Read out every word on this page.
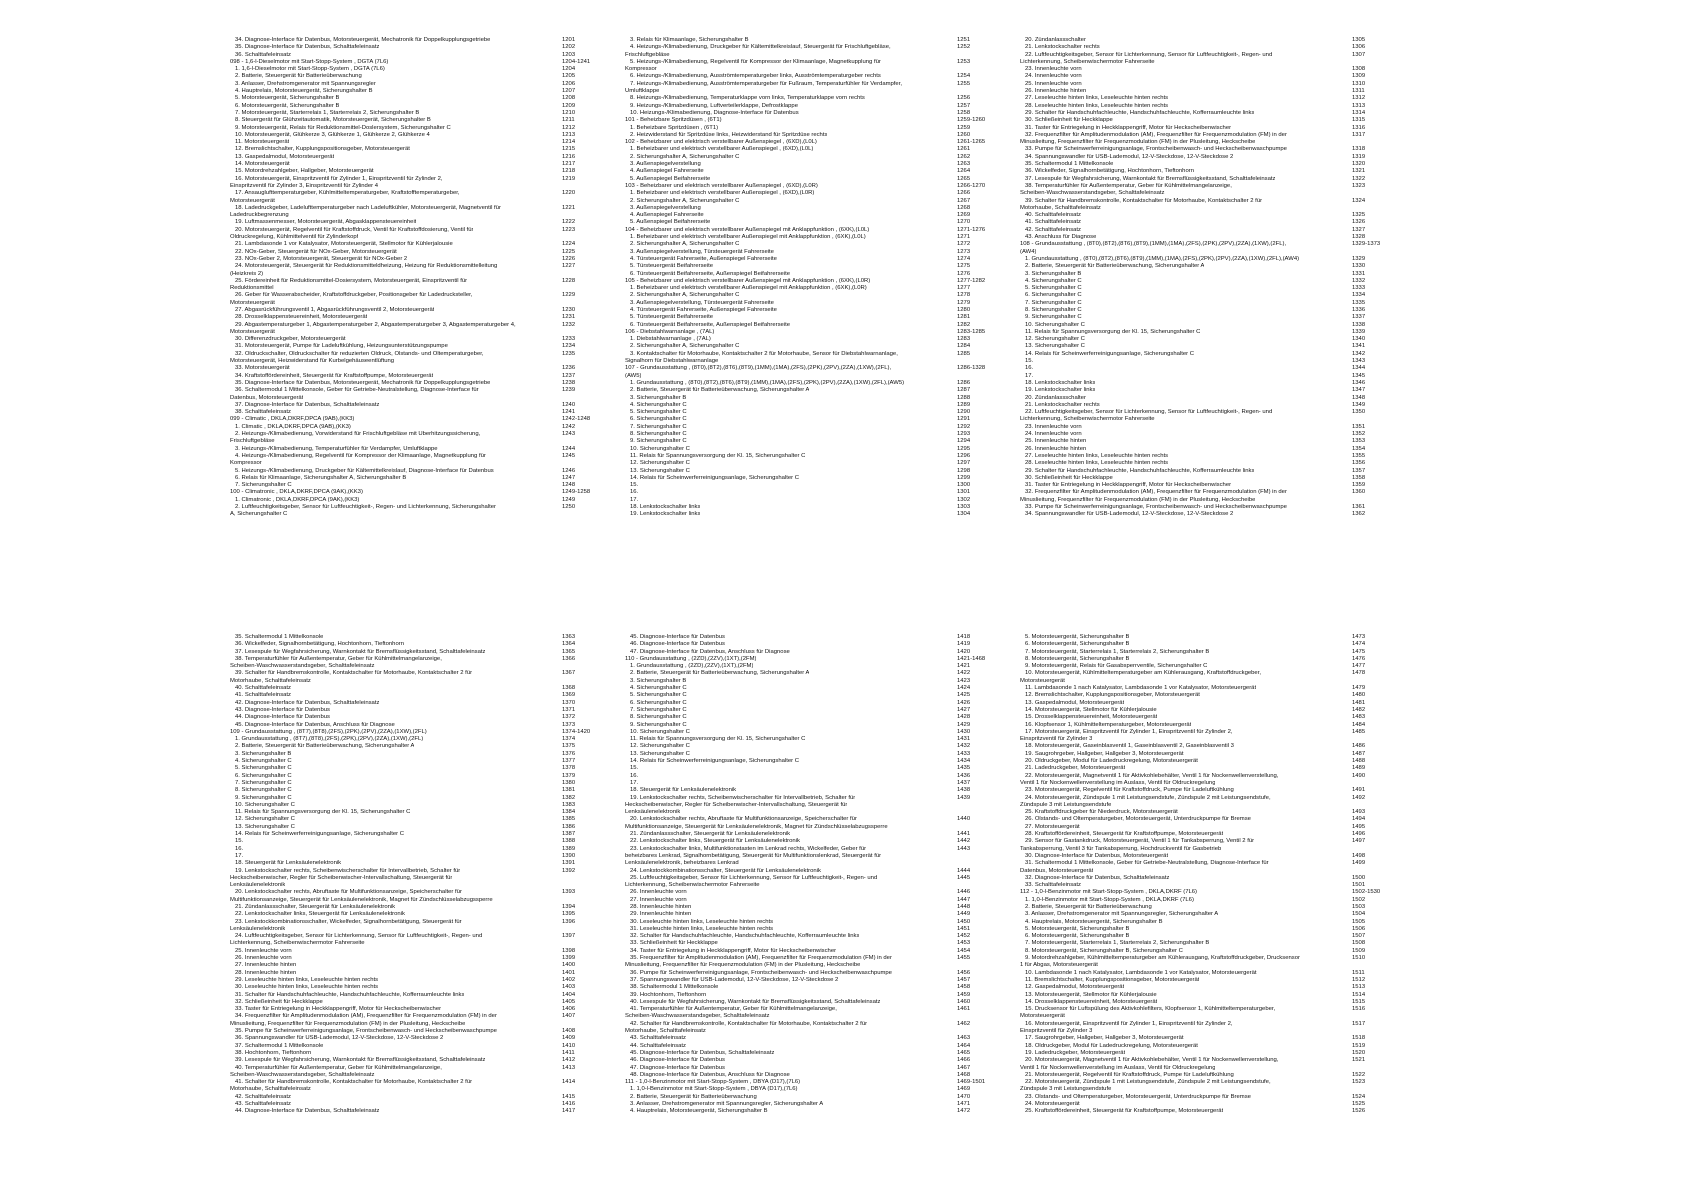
34. Diagnose-Interface für Datenbus, Motorsteuergerät, Mechatronik für Doppelkupplungsgetriebe	1201
35. Diagnose-Interface für Datenbus, Schalttafeleinsatz	1202
36. Schalttafeleinsatz	1203
098 - 1,6-l-Dieselmotor mit Start-Stopp-System , DGTA (7L6)	1204-1241
1. 1,6-l-Dieselmotor mit Start-Stopp-System , DGTA (7L6)	1204
2. Batterie, Steuergerät für Batterieüberwachung	1205
3. Anlasser, Drehstromgenerator mit Spannungsregler	1206
4. Hauptrelais, Motorsteuergerät, Sicherungshalter B	1207
5. Motorsteuergerät, Sicherungshalter B	1208
6. Motorsteuergerät, Sicherungshalter B	1209
7. Motorsteuergerät, Starterrelais 1, Starterrelais 2, Sicherungshalter B	1210
8. Steuergerät für Glühzeitautomatik, Motorsteuergerät, Sicherungshalter B	1211
9. Motorsteuergerät, Relais für Reduktionsmittel-Doslersystem, Sicherungshalter C	1212
10. Motorsteuergerät, Glühkerze 3, Glühkerze 1, Glühkerze 2, Glühkerze 4	1213
11. Motorsteuergerät	1214
12. Bremslichtschalter, Kupplungspositionsgeber, Motorsteuergerät	1215
13. Gaspedalmodul, Motorsteuergerät	1216
14. Motorsteuergerät	1217
15. Motordrehzahlgeber, Hallgeber, Motorsteuergerät	1218
16. Motorsteuergerät, Einspritzventil für Zylinder 1, Einspritzventil für Zylinder 2,	1219
Einspritzventil für Zylinder 3, Einspritzventil für Zylinder 4
17. Ansauglufttemperaturgeber, Kühlmitteltemperaturgeber, Kraftstofftemperaturgeber,	1220
Motorsteuergerät
18. Ladedruckgeber, Ladelufttemperaturgeber nach Ladeluftkühler, Motorsteuergerät, Magnetventil für	1221
Ladedruckbegrenzung
19. Luftmassenmesser, Motorsteuergerät, Abgasklappensteuereinheit	1222
20. Motorsteuergerät, Regelventil für Kraftstoffdruck, Ventil für Kraftstoffdosierung, Ventil für	1223
Öldruckregelung, Kühlmittelventil für Zylinderkopf
21. Lambdasonde 1 vor Katalysator, Motorsteuergerät, Stellmotor für Kühlerjalousie	1224
22. NOx-Geber, Steuergerät für NOx-Geber, Motorsteuergerät	1225
23. NOx-Geber 2, Motorsteuergerät, Steuergerät für NOx-Geber 2	1226
24. Motorsteuergerät, Steuergerät für Reduktionsmitteldheizung, Heizung für Reduktionsmittelleitung	1227
(Heizkreis 2)
25. Fördereinheit für Reduktionsmittel-Dosiersystem, Motorsteuergerät, Einspritzventil für	1228
Reduktionsmittel
26. Geber für Wasserabscheider, Kraftstoffdruckgeber, Positionsgeber für Ladedrucksteller,	1229
Motorsteuergerät
27. Abgasrückführungsventil 1, Abgasrückführungsventil 2, Motorsteuergerät	1230
28. Drosselklappensteuereinheit, Motorsteuergerät	1231
29. Abgastemperaturgeber 1, Abgastemperaturgeber 2, Abgastemperaturgeber 3, Abgastemperaturgeber 4,	1232
Motorsteuergerät
30. Differenzdruckgeber, Motorsteuergerät	1233
31. Motorsteuergerät, Pumpe für Ladeluftkühlung, Heizungsunterstützungspumpe	1234
32. Öldruckschalter, Öldruckschalter für reduzierten Öldruck, Ölstands- und Öltemperaturgeber,	1235
Motorsteuergerät, Heizwiderstand für Kurbelgehäuseentlüftung
33. Motorsteuergerät	1236
34. Kraftstoffördereinheit, Steuergerät für Kraftstoffpumpe, Motorsteuergerät	1237
35. Diagnose-Interface für Datenbus, Motorsteuergerät, Mechatronik für Doppelkupplungsgetriebe	1238
36. Schaltermodul 1 Mittelkonsole, Geber für Getriebe-Neutralstellung, Diagnose-Interface für	1239
Datenbus, Motorsteuergerät
37. Diagnose-Interface für Datenbus, Schalttafeleinsatz	1240
38. Schalttafeleinsatz	1241
099 - Climatic , DKLA,DKRF,DPCA (9AB),(KK3)	1242-1248
1. Climatic , DKLA,DKRF,DPCA (9AB),(KK3)	1242
2. Heizungs-/Klimabedienung, Vorwiderstand für Frischluftgebläse mit Überhitzungssicherung,	1243
Frischluftgebläse
3. Heizungs-/Klimabedienung, Temperaturfühler für Verdampfer, Umluftklappe	1244
4. Heizungs-/Klimabedienung, Regelventil für Kompressor der Klimaanlage, Magnetkupplung für	1245
Kompressor
5. Heizungs-/Klimabedienung, Druckgeber für Kältemittelkreislauf, Diagnose-Interface für Datenbus	1246
6. Relais für Klimaanlage, Sicherungshalter A, Sicherungshalter B	1247
7. Sicherungshalter C	1248
100 - Climatronic , DKLA,DKRF,DPCA (9AK),(KK3)	1249-1258
1. Climatronic , DKLA,DKRF,DPCA (9AK),(KK3)	1249
2. Luftfeuchtigkeitsgeber, Sensor für Luftfeuchtigkeit-, Regen- und Lichterkennung, Sicherungshalter	1250
A, Sicherungshalter C
3. Relais für Klimaanlage, Sicherungshalter B	1251
4. Heizungs-/Klimabedienung, Druckgeber für Kältemittelkreislauf, Steuergerät für Frischluftgebläse,	1252
Frischluftgebläse
5. Heizungs-/Klimabedienung, Regelventil für Kompressor der Klimaanlage, Magnetkupplung für	1253
Kompressor
6. Heizungs-/Klimabedienung, Ausströmtemperaturgeber links, Ausströmtemperaturgeber rechts	1254
7. Heizungs-/Klimabedienung, Ausströmtemperaturgeber für Fußraum, Temperaturfühler für Verdampfer,	1255
Umluftklappe
8. Heizungs-/Klimabedienung, Temperaturklappe vorn links, Temperaturklappe vorn rechts	1256
9. Heizungs-/Klimabedienung, Luftverteilerklappe, Defrostklappe	1257
10. Heizungs-/Klimabedienung, Diagnose-Interface für Datenbus	1258
101 - Beheizbare Spritzdüsen , (6T1)	1259-1260
1. Beheizbare Spritzdüsen , (6T1)	1259
2. Heizwiderstand für Spritzdüse links, Heizwiderstand für Spritzdüse rechts	1260
102 - Beheizbarer und elektrisch verstellbarer Außenspiegel , (6XD),(L0L)	1261-1265
1. Beheizbarer und elektrisch verstellbarer Außenspiegel , (6XD),(L0L)	1261
2. Sicherungshalter A, Sicherungshalter C	1262
3. Außenspiegelverstellung	1263
4. Außenspiegel Fahrerseite	1264
5. Außenspiegel Beifahrerseite	1265
103 - Beheizbarer und elektrisch verstellbarer Außenspiegel , (6XD),(L0R)	1266-1270
1. Beheizbarer und elektrisch verstellbarer Außenspiegel , (6XD),(L0R)	1266
2. Sicherungshalter A, Sicherungshalter C	1267
3. Außenspiegelverstellung	1268
4. Außenspiegel Fahrerseite	1269
5. Außenspiegel Beifahrerseite	1270
104 - Beheizbarer und elektrisch verstellbarer Außenspiegel mit Anklappfunktion , (6XK),(L0L)	1271-1276
1. Beheizbarer und elektrisch verstellbarer Außenspiegel mit Anklappfunktion , (6XK),(L0L)	1271
2. Sicherungshalter A, Sicherungshalter C	1272
3. Außenspiegelverstellung, Türsteuergerät Fahrerseite	1273
4. Türsteuergerät Fahrerseite, Außenspiegel Fahrerseite	1274
5. Türsteuergerät Beifahrerseite	1275
6. Türsteuergerät Beifahrerseite, Außenspiegel Beifahrerseite	1276
105 - Beheizbarer und elektrisch verstellbarer Außenspiegel mit Anklappfunktion , (6XK),(L0R)	1277-1282
1. Beheizbarer und elektrisch verstellbarer Außenspiegel mit Anklappfunktion , (6XK),(L0R)	1277
2. Sicherungshalter A, Sicherungshalter C	1278
3. Außenspiegelverstellung, Türsteuergerät Fahrerseite	1279
4. Türsteuergerät Fahrerseite, Außenspiegel Fahrerseite	1280
5. Türsteuergerät Beifahrerseite	1281
6. Türsteuergerät Beifahrerseite, Außenspiegel Beifahrerseite	1282
106 - Diebstahlwarnanlage , (7AL)	1283-1285
1. Diebstahlwarnanlage , (7AL)	1283
2. Sicherungshalter A, Sicherungshalter C	1284
3. Kontaktschalter für Motorhaube, Kontaktschalter 2 für Motorhaube, Sensor für Diebstahlwarnanlage,	1285
Signalhorn für Diebstahlwarnanlage
107 - Grundausstattung , (8T0),(8T2),(8T6),(8T9),(1MM),(1MA),(2FS),(2PK),(2PV),(2ZA),(1XW),(2FL),	1286-1328
(AW5)
1. Grundausstattung , (8T0),(8T2),(8T6),(8T9),(1MM),(1MA),(2FS),(2PK),(2PV),(2ZA),(1XW),(2FL),(AW5)	1286
2. Batterie, Steuergerät für Batterieüberwachung, Sicherungshalter A	1287
3. Sicherungshalter B	1288
4. Sicherungshalter C	1289
5. Sicherungshalter C	1290
6. Sicherungshalter C	1291
7. Sicherungshalter C	1292
8. Sicherungshalter C	1293
9. Sicherungshalter C	1294
10. Sicherungshalter C	1295
11. Relais für Spannungsversorgung der Kl. 15, Sicherungshalter C	1296
12. Sicherungshalter C	1297
13. Sicherungshalter C	1298
14. Relais für Scheinwerferreinigungsanlage, Sicherungshalter C	1299
15.	1300
16.	1301
17.	1302
18. Lenkstockschalter links	1303
19. Lenkstockschalter links	1304
20. Zündanlassschalter	1305
21. Lenkstockschalter rechts	1306
22. Luftfeuchtigkeitsgeber, Sensor für Lichterkennung, Sensor für Luftfeuchtigkeit-, Regen- und	1307
Lichterkennung, Scheibenwischermotor Fahrerseite
23. Innenleuchte vorn	1308
24. Innenleuchte vorn	1309
25. Innenleuchte vorn	1310
26. Innenleuchte hinten	1311
27. Leseleuchte hinten links, Leseleuchte hinten rechts	1312
28. Leseleuchte hinten links, Leseleuchte hinten rechts	1313
29. Schalter für Handschuhfachleuchte, Handschuhfachleuchte, Kofferraumleuchte links	1314
30. Schließeinheit für Heckklappe	1315
31. Taster für Entriegelung in Heckklappengriff, Motor für Heckscheibenwischer	1316
32. Frequenzfilter für Amplitudenmodulation (AM), Frequenzfilter für Frequenzmodulation (FM) in der	1317
Minuslieitung, Frequenzfilter für Frequenzmodulation (FM) in der Plusleitung, Heckscheibe
33. Pumpe für Scheinwerferreinigungsanlage, Frontscheibenwasch- und Heckscheibenwaschpumpe	1318
34. Spannungswandler für USB-Lademodul, 12-V-Steckdose, 12-V-Steckdose 2	1319
35. Schaltermodul 1 Mittelkonsole	1320
36. Wickelfeder, Signalhornbetätigung, Hochtonhorn, Tieftonhorn	1321
37. Lesespule für Wegfahrsicherung, Warnkontakt für Bremsflüssigkeitsstand, Schalttafeleinsatz	1322
38. Temperaturfühler für Außentemperatur, Geber für Kühlmittelmangelanzeige,	1323
Scheiben-Waschwasserstandsgeber, Schalttafeleinsatz
39. Schalter für Handbremskontrolle, Kontaktschalter für Motorhaube, Kontaktschalter 2 für	1324
Motorhaube, Schalttafeleinsatz
40. Schalttafeleinsatz	1325
41. Schalttafeleinsatz	1326
42. Schalttafeleinsatz	1327
43. Anschluss für Diagnose	1328
108 - Grundausstattung , (8T0),(8T2),(8T6),(8T9),(1MM),(1MA),(2FS),(2PK),(2PV),(2ZA),(1XW),(2FL),	1329-1373
(AW4)
1. Grundausstattung , (8T0),(8T2),(8T6),(8T9),(1MM),(1MA),(2FS),(2PK),(2PV),(2ZA),(1XW),(2FL),(AW4)	1329
2. Batterie, Steuergerät für Batterieüberwachung, Sicherungshalter A	1330
3. Sicherungshalter B	1331
4. Sicherungshalter C	1332
5. Sicherungshalter C	1333
6. Sicherungshalter C	1334
7. Sicherungshalter C	1335
8. Sicherungshalter C	1336
9. Sicherungshalter C	1337
10. Sicherungshalter C	1338
11. Relais für Spannungsversorgung der Kl. 15, Sicherungshalter C	1339
12. Sicherungshalter C	1340
13. Sicherungshalter C	1341
14. Relais für Scheinwerferreinigungsanlage, Sicherungshalter C	1342
15.	1343
16.	1344
17.	1345
18. Lenkstockschalter links	1346
19. Lenkstockschalter links	1347
20. Zündanlassschalter	1348
21. Lenkstockschalter rechts	1349
22. Luftfeuchtigkeitsgeber, Sensor für Lichterkennung, Sensor für Luftfeuchtigkeit-, Regen- und	1350
Lichterkennung, Scheibenwischermotor Fahrerseite
23. Innenleuchte vorn	1351
24. Innenleuchte vorn	1352
25. Innenleuchte hinten	1353
26. Innenleuchte hinten	1354
27. Leseleuchte hinten links, Leseleuchte hinten rechts	1355
28. Leseleuchte hinten links, Leseleuchte hinten rechts	1356
29. Schalter für Handschuhfachleuchte, Handschuhfachleuchte, Kofferraumleuchte links	1357
30. Schließeinheit für Heckklappe	1358
31. Taster für Entriegelung in Heckklappengriff, Motor für Heckscheibenwischer	1359
32. Frequenzfilter für Amplitudenmodulation (AM), Frequenzfilter für Frequenzmodulation (FM) in der	1360
Minuslieitung, Frequenzfilter für Frequenzmodulation (FM) in der Plusleitung, Heckscheibe
33. Pumpe für Scheinwerferreinigungsanlage, Frontscheibenwasch- und Heckscheibenwaschpumpe	1361
34. Spannungswandler für USB-Lademodul, 12-V-Steckdose, 12-V-Steckdose 2	1362
35. Schaltermodul 1 Mittelkonsole	1363
36. Wickelfeder, Signalhornbetätigung, Hochtonhorn, Tieftonhorn	1364
37. Lesespule für Wegfahrsicherung, Warnkontakt für Bremsflüssigkeitsstand, Schalttafeleinsatz	1365
38. Temperaturfühler für Außentemperatur, Geber für Kühlmittelmangelanzeige,	1366
Scheiben-Waschwasserstandsgeber, Schalttafeleinsatz
39. Schalter für Handbremskontrolle, Kontaktschalter für Motorhaube, Kontaktschalter 2 für	1367
Motorhaube, Schalttafeleinsatz
40. Schalttafeleinsatz	1368
41. Schalttafeleinsatz	1369
42. Diagnose-Interface für Datenbus, Schalttafeleinsatz	1370
43. Diagnose-Interface für Datenbus	1371
44. Diagnose-Interface für Datenbus	1372
45. Diagnose-Interface für Datenbus, Anschluss für Diagnose	1373
109 - Grundausstattung , (8T7),(8T8),(2FS),(2PK),(2PV),(2ZA),(1XW),(2FL)	1374-1420
1. Grundausstattung , (8T7),(8T8),(2FS),(2PK),(2PV),(2ZA),(1XW),(2FL)	1374
2. Batterie, Steuergerät für Batterieüberwachung, Sicherungshalter A	1375
3. Sicherungshalter B	1376
4. Sicherungshalter C	1377
5. Sicherungshalter C	1378
6. Sicherungshalter C	1379
7. Sicherungshalter C	1380
8. Sicherungshalter C	1381
9. Sicherungshalter C	1382
10. Sicherungshalter C	1383
11. Relais für Spannungsversorgung der Kl. 15, Sicherungshalter C	1384
12. Sicherungshalter C	1385
13. Sicherungshalter C	1386
14. Relais für Scheinwerferreinigungsanlage, Sicherungshalter C	1387
15.	1388
16.	1389
17.	1390
18. Steuergerät für Lenksäulenelektronik	1391
19. Lenkstockschalter rechts, Scheibenwischerschalter für Intervallbetrieb, Schalter für	1392
Heckscheibenwischer, Regler für Scheibenwischer-Intervallschaltung, Steuergerät für
Lenksäulenelektronik
20. Lenkstockschalter rechts, Abruftaste für Multifunktionsanzeige, Speicherschalter für	1393
Multifunktionsanzeige, Steuergerät für Lenksäulenelektronik, Magnet für Zündschlüsselabzugssperre
21. Zündanlassschalter, Steuergerät für Lenksäulenelektronik	1394
22. Lenkstockschalter links, Steuergerät für Lenksäulenelektronik	1395
23. Lenkstockkombinationsschalter, Wickelfeder, Signalhornbetätigung, Steuergerät für	1396
Lenksäulenelektronik
24. Luftfeuchtigkeitsgeber, Sensor für Lichterkennung, Sensor für Luftfeuchtigkeit-, Regen- und	1397
Lichterkennung, Scheibenwischermotor Fahrerseite
25. Innenleuchte vorn	1398
26. Innenleuchte vorn	1399
27. Innenleuchte hinten	1400
28. Innenleuchte hinten	1401
29. Leseleuchte hinten links, Leseleuchte hinten rechts	1402
30. Leseleuchte hinten links, Leseleuchte hinten rechts	1403
31. Schalter für Handschuhfachleuchte, Handschuhfachleuchte, Kofferraumleuchte links	1404
32. Schließeinheit für Heckklappe	1405
33. Taster für Entriegelung in Heckklappengriff, Motor für Heckscheibenwischer	1406
34. Frequenzfilter für Amplitudenmodulation (AM), Frequenzfilter für Frequenzmodulation (FM) in der	1407
Minuslieitung, Frequenzfilter für Frequenzmodulation (FM) in der Plusleitung, Heckscheibe
35. Pumpe für Scheinwerferreinigungsanlage, Frontscheibenwasch- und Heckscheibenwaschpumpe	1408
36. Spannungswandler für USB-Lademodul, 12-V-Steckdose, 12-V-Steckdose 2	1409
37. Schaltermodul 1 Mittelkonsole	1410
38. Hochtonhorn, Tieftonhorn	1411
39. Lesespule für Wegfahrsicherung, Warnkontakt für Bremsflüssigkeitsstand, Schalttafeleinsatz	1412
40. Temperaturfühler für Außentemperatur, Geber für Kühlmittelmangelanzeige,	1413
Scheiben-Waschwasserstandsgeber, Schalttafeleinsatz
41. Schalter für Handbremskontrolle, Kontaktschalter für Motorhaube, Kontaktschalter 2 für	1414
Motorhaube, Schalttafeleinsatz
42. Schalttafeleinsatz	1415
43. Schalttafeleinsatz	1416
44. Diagnose-Interface für Datenbus, Schalttafeleinsatz	1417
45. Diagnose-Interface für Datenbus	1418
46. Diagnose-Interface für Datenbus	1419
47. Diagnose-Interface für Datenbus, Anschluss für Diagnose	1420
110 - Grundausstattung , (2ZD),(2ZV),(1XT),(2FM)	1421-1468
1. Grundausstattung , (2ZD),(2ZV),(1XT),(2FM)	1421
2. Batterie, Steuergerät für Batterieüberwachung, Sicherungshalter A	1422
3. Sicherungshalter B	1423
4. Sicherungshalter C	1424
5. Sicherungshalter C	1425
6. Sicherungshalter C	1426
7. Sicherungshalter C	1427
8. Sicherungshalter C	1428
9. Sicherungshalter C	1429
10. Sicherungshalter C	1430
11. Relais für Spannungsversorgung der Kl. 15, Sicherungshalter C	1431
12. Sicherungshalter C	1432
13. Sicherungshalter C	1433
14. Relais für Scheinwerferreinigungsanlage, Sicherungshalter C	1434
15.	1435
16.	1436
17.	1437
18. Steuergerät für Lenksäulenelektronik	1438
19. Lenkstockschalter rechts, Scheibenwischerschalter für Intervallbetrieb, Schalter für	1439
Heckscheibenwischer, Regler für Scheibenwischer-Intervallschaltung, Steuergerät für
Lenksäulenelektronik
20. Lenkstockschalter rechts, Abruftaste für Multifunktionsanzeige, Speicherschalter für	1440
Multifunktionsanzeige, Steuergerät für Lenksäulenelektronik, Magnet für Zündschlüsselabzugssperre
21. Zündanlassschalter, Steuergerät für Lenksäulenelektronik	1441
22. Lenkstockschalter links, Steuergerät für Lenksäulenelektronik	1442
23. Lenkstockschalter links, Multifunktionstasten im Lenkrad rechts, Wickelfeder, Geber für	1443
beheizbares Lenkrad, Signalhornbetätigung, Steuergerät für Multifunktionslenkrad, Steuergerät für
Lenksäulenelektronik, beheizbares Lenkrad
24. Lenkstockkombinationsschalter, Steuergerät für Lenksäulenelektronik	1444
25. Luftfeuchtigkeitsgeber, Sensor für Lichterkennung, Sensor für Luftfeuchtigkeit-, Regen- und	1445
Lichterkennung, Scheibenwischermotor Fahrerseite
26. Innenleuchte vorn	1446
27. Innenleuchte vorn	1447
28. Innenleuchte hinten	1448
29. Innenleuchte hinten	1449
30. Leseleuchte hinten links, Leseleuchte hinten rechts	1450
31. Leseleuchte hinten links, Leseleuchte hinten rechts	1451
32. Schalter für Handschuhfachleuchte, Handschuhfachleuchte, Kofferraumleuchte links	1452
33. Schließeinheit für Heckklappe	1453
34. Taster für Entriegelung in Heckklappengriff, Motor für Heckscheibenwischer	1454
35. Frequenzfilter für Amplitudenmodulation (AM), Frequenzfilter für Frequenzmodulation (FM) in der	1455
Minuslieitung, Frequenzfilter für Frequenzmodulation (FM) in der Plusleitung, Heckscheibe
36. Pumpe für Scheinwerferreinigungsanlage, Frontscheibenwasch- und Heckscheibenwaschpumpe	1456
37. Spannungswandler für USB-Lademodul, 12-V-Steckdose, 12-V-Steckdose 2	1457
38. Schaltermodul 1 Mittelkonsole	1458
39. Hochtonhorn, Tieftonhorn	1459
40. Lesespule für Wegfahrsicherung, Warnkontakt für Bremsflüssigkeitsstand, Schalttafeleinsatz	1460
41. Temperaturfühler für Außentemperatur, Geber für Kühlmittelmangelanzeige,	1461
Scheiben-Waschwasserstandsgeber, Schalttafeleinsatz
42. Schalter für Handbremskontrolle, Kontaktschalter für Motorhaube, Kontaktschalter 2 für	1462
Motorhaube, Schalttafeleinsatz
43. Schalttafeleinsatz	1463
44. Schalttafeleinsatz	1464
45. Diagnose-Interface für Datenbus, Schalttafeleinsatz	1465
46. Diagnose-Interface für Datenbus	1466
47. Diagnose-Interface für Datenbus	1467
48. Diagnose-Interface für Datenbus, Anschluss für Diagnose	1468
111 - 1,0-l-Benzinmotor mit Start-Stopp-System , DBYA (D17),(7L6)	1469-1501
1. 1,0-l-Benzinmotor mit Start-Stopp-System , DBYA (D17),(7L6)	1469
2. Batterie, Steuergerät für Batterieüberwachung	1470
3. Anlasser, Drehstromgenerator mit Spannungsregler, Sicherungshalter A	1471
4. Hauptrelais, Motorsteuergerät, Sicherungshalter B	1472
5. Motorsteuergerät, Sicherungshalter B	1473
6. Motorsteuergerät, Sicherungshalter B	1474
7. Motorsteuergerät, Starterrelais 1, Starterrelais 2, Sicherungshalter B	1475
8. Motorsteuergerät, Sicherungshalter B	1476
9. Motorsteuergerät, Relais für Gasabsperrventile, Sicherungshalter C	1477
10. Motorsteuergerät, Kühlmitteltemperaturgeber am Kühlerausgang, Kraftstoffdruckgeber,	1478
Motorsteuergerät
11. Lambdasonde 1 nach Katalysator, Lambdasonde 1 vor Katalysator, Motorsteuergerät	1479
12. Bremslichtschalter, Kupplungspositionsgeber, Motorsteuergerät	1480
13. Gaspedalmodul, Motorsteuergerät	1481
14. Motorsteuergerät, Stellmotor für Kühlerjalousie	1482
15. Drosselklappensteuereinheit, Motorsteuergerät	1483
16. Klopfsensor 1, Kühlmitteltemperaturgeber, Motorsteuergerät	1484
17. Motorsteuergerät, Einspritzventil für Zylinder 1, Einspritzventil für Zylinder 2,	1485
Einspritzventil für Zylinder 3
18. Motorsteuergerät, Gaseinblasventil 1, Gaseinblasventil 2, Gaseinblasventil 3	1486
19. Saugrohrgeber, Hallgeber, Hallgeber 3, Motorsteuergerät	1487
20. Öldruckgeber, Modul für Ladedruckregelung, Motorsteuergerät	1488
21. Ladedruckgeber, Motorsteuergerät	1489
22. Motorsteuergerät, Magnetventil 1 für Aktivkohlebehälter, Ventil 1 für Nockenwellenverstellung,	1490
Ventil 1 für Nockenwellenverstellung im Auslass, Ventil für Öldruckregelung
23. Motorsteuergerät, Regelventil für Kraftstoffdruck, Pumpe für Ladeluftkühlung	1491
24. Motorsteuergerät, Zündspule 1 mit Leistungsendstufe, Zündspule 2 mit Leistungsendstufe,	1492
Zündspule 3 mit Leistungsendstufe
25. Kraftstoffdruckgeber für Niederdruck, Motorsteuergerät	1493
26. Ölstands- und Öltemperaturgeber, Motorsteuergerät, Unterdruckpumpe für Bremse	1494
27. Motorsteuergerät	1495
28. Kraftstoffördereinheit, Steuergerät für Kraftstoffpumpe, Motorsteuergerät	1496
29. Sensor für Gastankdruck, Motorsteuergerät, Ventil 1 für Tankabsperrung, Ventil 2 für	1497
Tankabsperrung, Ventil 3 für Tankabsperrung, Hochdruckventil für Gasbetrieb
30. Diagnose-Interface für Datenbus, Motorsteuergerät	1498
31. Schaltermodul 1 Mittelkonsole, Geber für Getriebe-Neutralstellung, Diagnose-Interface für	1499
Datenbus, Motorsteuergerät
32. Diagnose-Interface für Datenbus, Schalttafeleinsatz	1500
33. Schalttafeleinsatz	1501
112 - 1,0-l-Benzinmotor mit Start-Stopp-System , DKLA,DKRF (7L6)	1502-1530
1. 1,0-l-Benzinmotor mit Start-Stopp-System , DKLA,DKRF (7L6)	1502
2. Batterie, Steuergerät für Batterieüberwachung	1503
3. Anlasser, Drehstromgenerator mit Spannungsregler, Sicherungshalter A	1504
4. Hauptrelais, Motorsteuergerät, Sicherungshalter B	1505
5. Motorsteuergerät, Sicherungshalter B	1506
6. Motorsteuergerät, Sicherungshalter B	1507
7. Motorsteuergerät, Starterrelais 1, Starterrelais 2, Sicherungshalter B	1508
8. Motorsteuergerät, Sicherungshalter B, Sicherungshalter C	1509
9. Motordrehzahlgeber, Kühlmitteltemperaturgeber am Kühlerausgang, Kraftstoffdruckgeber, Drucksensor	1510
1 für Abgas, Motorsteuergerät
10. Lambdasonde 1 nach Katalysator, Lambdasonde 1 vor Katalysator, Motorsteuergerät	1511
11. Bremslichtschalter, Kupplungspositionsgeber, Motorsteuergerät	1512
12. Gaspedalmodul, Motorsteuergerät	1513
13. Motorsteuergerät, Stellmotor für Kühlerjalousie	1514
14. Drosselklappensteuereinheit, Motorsteuergerät	1515
15. Drucksensor für Luftspülung des Aktivkohlefilters, Klopfsensor 1, Kühlmitteltemperaturgeber,	1516
Motorsteuergerät
16. Motorsteuergerät, Einspritzventil für Zylinder 1, Einspritzventil für Zylinder 2,	1517
Einspritzventil für Zylinder 3
17. Saugrohrgeber, Hallgeber, Hallgeber 3, Motorsteuergerät	1518
18. Öldruckgeber, Modul für Ladedruckregelung, Motorsteuergerät	1519
19. Ladedruckgeber, Motorsteuergerät	1520
20. Motorsteuergerät, Magnetventil 1 für Aktivkohlebehälter, Ventil 1 für Nockenwellenverstellung,	1521
Ventil 1 für Nockenwellenverstellung im Auslass, Ventil für Öldruckregelung
21. Motorsteuergerät, Regelventil für Kraftstoffdruck, Pumpe für Ladeluftkühlung	1522
22. Motorsteuergerät, Zündspule 1 mit Leistungsendstufe, Zündspule 2 mit Leistungsendstufe,	1523
Zündspule 3 mit Leistungsendstufe
23. Ölstands- und Öltemperaturgeber, Motorsteuergerät, Unterdruckpumpe für Bremse	1524
24. Motorsteuergerät	1525
25. Kraftstoffördereinheit, Steuergerät für Kraftstoffpumpe, Motorsteuergerät	1526
